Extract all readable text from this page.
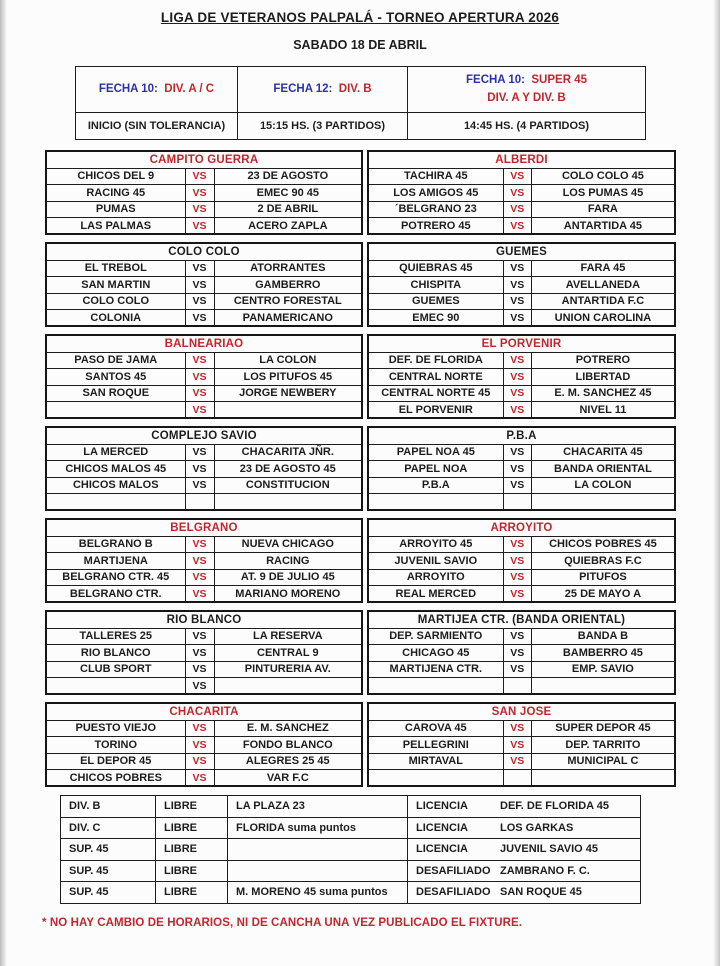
LIGA DE VETERANOS PALPALÁ - TORNEO APERTURA 2026
SABADO 18 DE ABRIL
FECHA 10: DIV. A / C	FECHA 12: DIV. B	FECHA 10: SUPER 45
DIV. A Y DIV. B

INICIO (SIN TOLERANCIA)	15:15 HS. (3 PARTIDOS)	14:45 HS. (4 PARTIDOS)
CAMPITO GUERRA		
CHICOS DEL 9	VS	23 DE AGOSTO
RACING 45	VS	EMEC 90 45
PUMAS	VS	2 DE ABRIL
LAS PALMAS	VS	ACERO ZAPLA
ALBERDI		
TACHIRA 45	VS	COLO COLO 45
LOS AMIGOS 45	VS	LOS PUMAS 45
´BELGRANO 23	VS	FARA
POTRERO 45	VS	ANTARTIDA 45
COLO COLO		
EL TREBOL	VS	ATORRANTES
SAN MARTIN	VS	GAMBERRO
COLO COLO	VS	CENTRO FORESTAL
COLONIA	VS	PANAMERICANO
GUEMES		
QUIEBRAS 45	VS	FARA 45
CHISPITA	VS	AVELLANEDA
GUEMES	VS	ANTARTIDA F.C
EMEC 90	VS	UNION CAROLINA
BALNEARIAO		
PASO DE JAMA	VS	LA COLON
SANTOS 45	VS	LOS PITUFOS 45
SAN ROQUE	VS	JORGE NEWBERY
	VS	
EL PORVENIR		
DEF. DE FLORIDA	VS	POTRERO
CENTRAL NORTE	VS	LIBERTAD
CENTRAL NORTE 45	VS	E. M. SANCHEZ 45
EL PORVENIR	VS	NIVEL 11
COMPLEJO SAVIO		
LA MERCED	VS	CHACARITA JÑR.
CHICOS MALOS 45	VS	23 DE AGOSTO 45
CHICOS MALOS	VS	CONSTITUCION

P.B.A		
PAPEL NOA 45	VS	CHACARITA 45
PAPEL NOA	VS	BANDA ORIENTAL
P.B.A	VS	LA COLON

BELGRANO		
BELGRANO B	VS	NUEVA CHICAGO
MARTIJENA	VS	RACING
BELGRANO CTR. 45	VS	AT. 9 DE JULIO 45
BELGRANO CTR.	VS	MARIANO MORENO
ARROYITO		
ARROYITO 45	VS	CHICOS POBRES 45
JUVENIL SAVIO	VS	QUIEBRAS F.C
ARROYITO	VS	PITUFOS
REAL MERCED	VS	25 DE MAYO A
RIO BLANCO		
TALLERES 25	VS	LA RESERVA
RIO BLANCO	VS	CENTRAL 9
CLUB SPORT	VS	PINTURERIA AV.
	VS	
MARTIJEA CTR. (BANDA ORIENTAL)		
DEP. SARMIENTO	VS	BANDA B
CHICAGO 45	VS	BAMBERRO 45
MARTIJENA CTR.	VS	EMP. SAVIO

CHACARITA		
PUESTO VIEJO	VS	E. M. SANCHEZ
TORINO	VS	FONDO BLANCO
EL DEPOR 45	VS	ALEGRES 25 45
CHICOS POBRES	VS	VAR F.C
SAN JOSE		
CAROVA 45	VS	SUPER DEPOR 45
PELLEGRINI	VS	DEP. TARRITO
MIRTAVAL	VS	MUNICIPAL C

DIV. B	LIBRE	LA PLAZA 23	LICENCIA DEF. DE FLORIDA 45
DIV. C	LIBRE	FLORIDA suma puntos	LICENCIA LOS GARKAS
SUP. 45	LIBRE		LICENCIA JUVENIL SAVIO 45
SUP. 45	LIBRE		DESAFILIADO ZAMBRANO F. C.
SUP. 45	LIBRE	M. MORENO 45 suma puntos	DESAFILIADO SAN ROQUE 45
* NO HAY CAMBIO DE HORARIOS, NI DE CANCHA UNA VEZ PUBLICADO EL FIXTURE.
